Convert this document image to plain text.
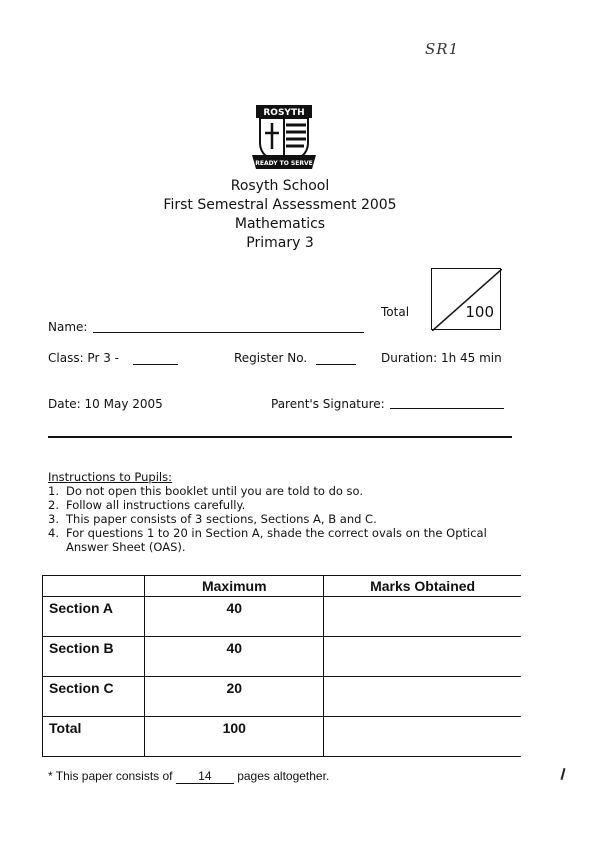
SR1
ROSYTH
READY TO SERVE
Rosyth School
First Semestral Assessment 2005
Mathematics
Primary 3
Total	100
Name:
Class: Pr 3 -	Register No.	Duration: 1h 45 min
Date: 10 May 2005	Parent's Signature:
Instructions to Pupils:
1. Do not open this booklet until you are told to do so.
2. Follow all instructions carefully.
3. This paper consists of 3 sections, Sections A, B and C.
4. For questions 1 to 20 in Section A, shade the correct ovals on the Optical Answer Sheet (OAS).
	Maximum	Marks Obtained
Section A	40	
Section B	40	
Section C	20	
Total	100	
* This paper consists of 14 pages altogether.
